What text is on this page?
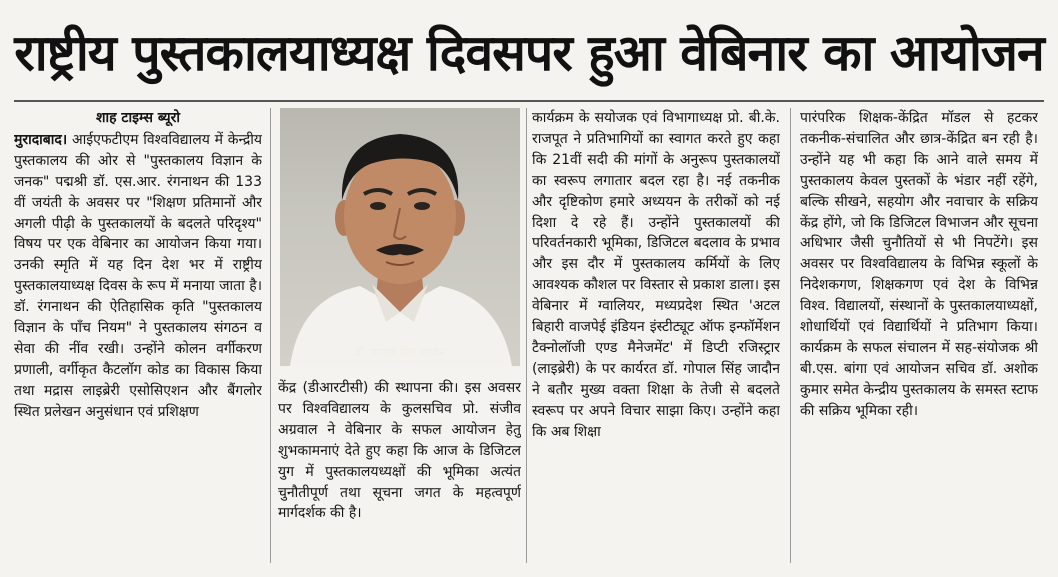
राष्ट्रीय पुस्तकालयाध्यक्ष दिवसपर हुआ वेबिनार का आयोजन

शाह टाइम्स ब्यूरो

मुरादाबाद। आईएफटीएम विश्वविद्यालय में केन्द्रीय पुस्तकालय की ओर से "पुस्तकालय विज्ञान के जनक" पद्मश्री डॉ. एस.आर. रंगनाथन की 133 वीं जयंती के अवसर पर "शिक्षण प्रतिमानों और अगली पीढ़ी के पुस्तकालयों के बदलते परिदृश्य" विषय पर एक वेबिनार का आयोजन किया गया। उनकी स्मृति में यह दिन देश भर में राष्ट्रीय पुस्तकालयाध्यक्ष दिवस के रूप में मनाया जाता है। डॉ. रंगनाथन की ऐतिहासिक कृति "पुस्तकालय विज्ञान के पाँच नियम" ने पुस्तकालय संगठन व सेवा की नींव रखी। उन्होंने कोलन वर्गीकरण प्रणाली, वर्गीकृत कैटलॉग कोड का विकास किया तथा मद्रास लाइब्रेरी एसोसिएशन और बैंगलोर स्थित प्रलेखन अनुसंधान एवं प्रशिक्षण

डॉ. गोपाल सिंह जादौन

केंद्र (डीआरटीसी) की स्थापना की। इस अवसर पर विश्वविद्यालय के कुलसचिव प्रो. संजीव अग्रवाल ने वेबिनार के सफल आयोजन हेतु शुभकामनाएं देते हुए कहा कि आज के डिजिटल युग में पुस्तकालयध्यक्षों की भूमिका अत्यंत चुनौतीपूर्ण तथा सूचना जगत के महत्वपूर्ण मार्गदर्शक की है।

कार्यक्रम के सयोजक एवं विभागाध्यक्ष प्रो. बी.के. राजपूत ने प्रतिभागियों का स्वागत करते हुए कहा कि 21वीं सदी की मांगों के अनुरूप पुस्तकालयों का स्वरूप लगातार बदल रहा है। नई तकनीक और दृष्टिकोण हमारे अध्ययन के तरीकों को नई दिशा दे रहे हैं। उन्होंने पुस्तकालयों की परिवर्तनकारी भूमिका, डिजिटल बदलाव के प्रभाव और इस दौर में पुस्तकालय कर्मियों के लिए आवश्यक कौशल पर विस्तार से प्रकाश डाला। इस वेबिनार में ग्वालियर, मध्यप्रदेश स्थित 'अटल बिहारी वाजपेई इंडियन इंस्टीट्यूट ऑफ इन्फॉर्मेशन टैक्नोलॉजी एण्ड मैनेजमेंट' में डिप्टी रजिस्ट्रार (लाइब्रेरी) के पर कार्यरत डॉ. गोपाल सिंह जादौन ने बतौर मुख्य वक्ता शिक्षा के तेजी से बदलते स्वरूप पर अपने विचार साझा किए। उन्होंने कहा कि अब शिक्षा

पारंपरिक शिक्षक-केंद्रित मॉडल से हटकर तकनीक-संचालित और छात्र-केंद्रित बन रही है। उन्होंने यह भी कहा कि आने वाले समय में पुस्तकालय केवल पुस्तकों के भंडार नहीं रहेंगे, बल्कि सीखने, सहयोग और नवाचार के सक्रिय केंद्र होंगे, जो कि डिजिटल विभाजन और सूचना अधिभार जैसी चुनौतियों से भी निपटेंगे। इस अवसर पर विश्वविद्यालय के विभिन्न स्कूलों के निदेशकगण, शिक्षकगण एवं देश के विभिन्न विश्व. विद्यालयों, संस्थानों के पुस्तकालयाध्यक्षों, शोधार्थियों एवं विद्यार्थियों ने प्रतिभाग किया। कार्यक्रम के सफल संचालन में सह-संयोजक श्री बी.एस. बांगा एवं आयोजन सचिव डॉ. अशोक कुमार समेत केन्द्रीय पुस्तकालय के समस्त स्टाफ की सक्रिय भूमिका रही।
